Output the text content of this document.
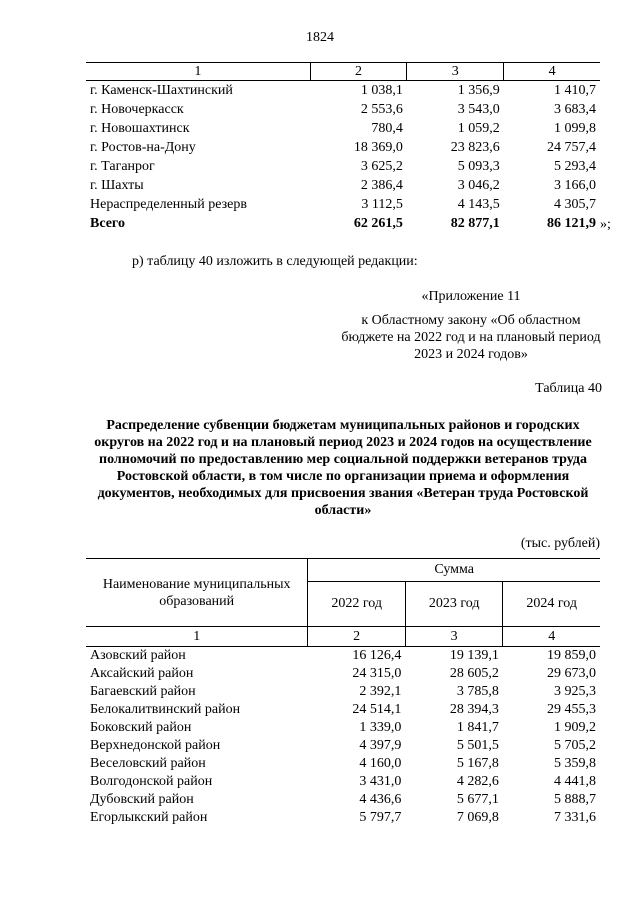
1824
1	2	3	4
г. Каменск-Шахтинский	1 038,1	1 356,9	1 410,7
г. Новочеркасск	2 553,6	3 543,0	3 683,4
г. Новошахтинск	780,4	1 059,2	1 099,8
г. Ростов-на-Дону	18 369,0	23 823,6	24 757,4
г. Таганрог	3 625,2	5 093,3	5 293,4
г. Шахты	2 386,4	3 046,2	3 166,0
Нераспределенный резерв	3 112,5	4 143,5	4 305,7
Всего	62 261,5	82 877,1	86 121,9 »;
р) таблицу 40 изложить в следующей редакции:
«Приложение 11
к Областному закону «Об областном бюджете на 2022 год и на плановый период 2023 и 2024 годов»
Таблица 40
Распределение субвенции бюджетам муниципальных районов и городских округов на 2022 год и на плановый период 2023 и 2024 годов на осуществление полномочий по предоставлению мер социальной поддержки ветеранов труда Ростовской области, в том числе по организации приема и оформления документов, необходимых для присвоения звания «Ветеран труда Ростовской области»
(тыс. рублей)
Наименование муниципальных образований	Сумма		
	2022 год	2023 год	2024 год
1	2	3	4
Азовский район	16 126,4	19 139,1	19 859,0
Аксайский район	24 315,0	28 605,2	29 673,0
Багаевский район	2 392,1	3 785,8	3 925,3
Белокалитвинский район	24 514,1	28 394,3	29 455,3
Боковский район	1 339,0	1 841,7	1 909,2
Верхнедонской район	4 397,9	5 501,5	5 705,2
Веселовский район	4 160,0	5 167,8	5 359,8
Волгодонской район	3 431,0	4 282,6	4 441,8
Дубовский район	4 436,6	5 677,1	5 888,7
Егорлыкский район	5 797,7	7 069,8	7 331,6
